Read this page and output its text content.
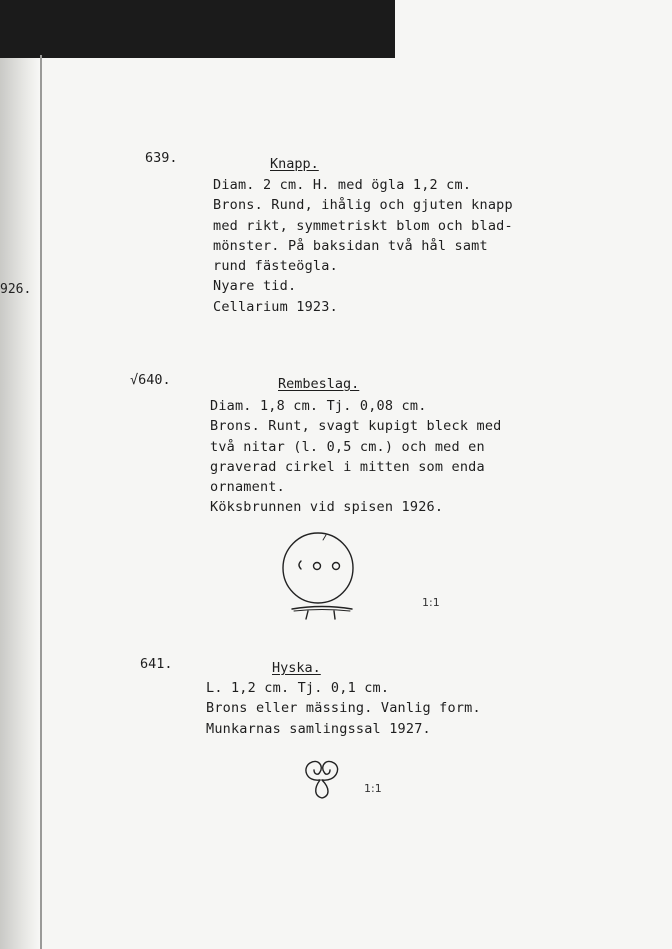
926.
639.	Knapp.
Diam. 2 cm. H. med ögla 1,2 cm.
Brons. Rund, ihålig och gjuten knapp
med rikt, symmetriskt blom och blad-
mönster. På baksidan två hål samt
rund fästeögla.
Nyare tid.
Cellarium 1923.
√640.	Rembeslag.
Diam. 1,8 cm. Tj. 0,08 cm.
Brons. Runt, svagt kupigt bleck med
två nitar (l. 0,5 cm.) och med en
graverad cirkel i mitten som enda
ornament.
Köksbrunnen vid spisen 1926.
1:1
641.	Hyska.
L. 1,2 cm. Tj. 0,1 cm.
Brons eller mässing. Vanlig form.
Munkarnas samlingssal 1927.
1:1
